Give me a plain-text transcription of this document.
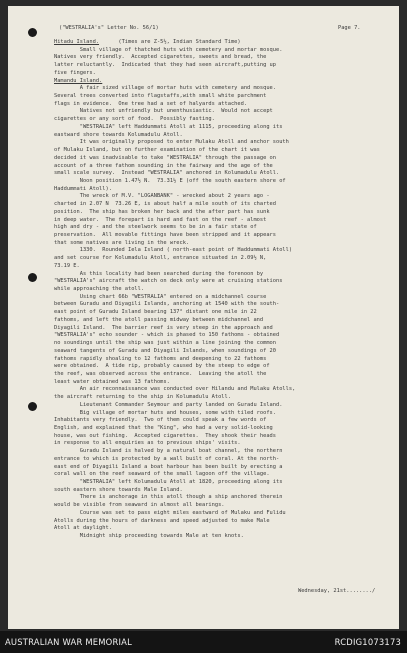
("WESTRALIA's" Letter No. 56/1)	Page 7.
Hitadu Island.      (Times are Z-5½, Indian Standard Time)
Small village of thatched huts with cemetery and mortar mosque.
Natives very friendly.  Accepted cigarettes, sweets and bread, the
latter reluctantly.  Indicated that they had seen aircraft,putting up
five fingers.
Mamandu Island.
A fair sized village of mortar huts with cemetery and mosque.
Several trees converted into flagstaffs,with small white parchment
flags in evidence.  One tree had a set of halyards attached.
Natives not unfriendly but unenthusiastic.  Would not accept
cigarettes or any sort of food.  Possibly fasting.
"WESTRALIA" left Haddummati Atoll at 1115, proceeding along its
eastward shore towards Kolumadulu Atoll.
It was originally proposed to enter Mulaku Atoll and anchor south
of Mulaku Island, but on further examination of the chart it was
decided it was inadvisable to take "WESTRALIA" through the passage on
account of a three fathom sounding in the fairway and the age of the
small scale survey.  Instead "WESTRALIA" anchored in Kolumadulu Atoll.
Noon position 1.47½ N.  73.31½ E (off the south eastern shore of
Haddummati Atoll).
The wreck of M.V. "LOGANBANK" - wrecked about 2 years ago -
charted in 2.07 N  73.26 E, is about half a mile south of its charted
position.  The ship has broken her back and the after part has sunk
in deep water.  The forepart is hard and fast on the reef - almost
high and dry - and the steelwork seems to be in a fair state of
preservation.  All movable fittings have been stripped and it appears
that some natives are living in the wreck.
1330.  Rounded Iela Island ( north-east point of Haddummati Atoll)
and set course for Kolumadulu Atoll, entrance situated in 2.09½ N,
73.19 E.
As this locality had been searched during the forenoon by
"WESTRALIA's" aircraft the watch on deck only were at cruising stations
while approaching the atoll.
Using chart 66b "WESTRALIA" entered on a midchannel course
between Guradu and Diyagili Islands, anchoring at 1540 with the south-
east point of Guradu Island bearing 137° distant one mile in 22
fathoms, and left the atoll passing midway between midchannel and
Diyagili Island.  The barrier reef is very steep in the approach and
"WESTRALIA's" echo sounder - which is phased to 150 fathoms - obtained
no soundings until the ship was just within a line joining the common
seaward tangents of Guradu and Diyagili Islands, when soundings of 20
fathoms rapidly shoaling to 12 fathoms and deepening to 22 fathoms
were obtained.  A tide rip, probably caused by the steep to edge of
the reef, was observed across the entrance.  Leaving the atoll the
least water obtained was 13 fathoms.
An air reconnaissance was conducted over Hilandu and Mulaku Atolls,
the aircraft returning to the ship in Kolumadulu Atoll.
Lieutenant Commander Seymour and party landed on Guradu Island.
Big village of mortar huts and houses, some with tiled roofs.
Inhabitants very friendly.  Two of them could speak a few words of
English, and explained that the "King", who had a very solid-looking
house, was out fishing.  Accepted cigarettes.  They shook their heads
in response to all enquiries as to previous ships' visits.
Guradu Island is halved by a natural boat channel, the northern
entrance to which is protected by a wall built of coral. At the north-
east end of Diyagili Island a boat harbour has been built by erecting a
coral wall on the reef seaward of the small lagoon off the village.
"WESTRALIA" left Kolumadulu Atoll at 1820, proceeding along its
south eastern shore towards Male Island.
There is anchorage in this atoll though a ship anchored therein
would be visible from seaward in almost all bearings.
Course was set to pass eight miles eastward of Mulaku and Fulidu
Atolls during the hours of darkness and speed adjusted to make Male
Atoll at daylight.
Midnight ship proceeding towards Male at ten knots.
Wednesday, 21st......../
AUSTRALIAN WAR MEMORIAL	RCDIG1073173
